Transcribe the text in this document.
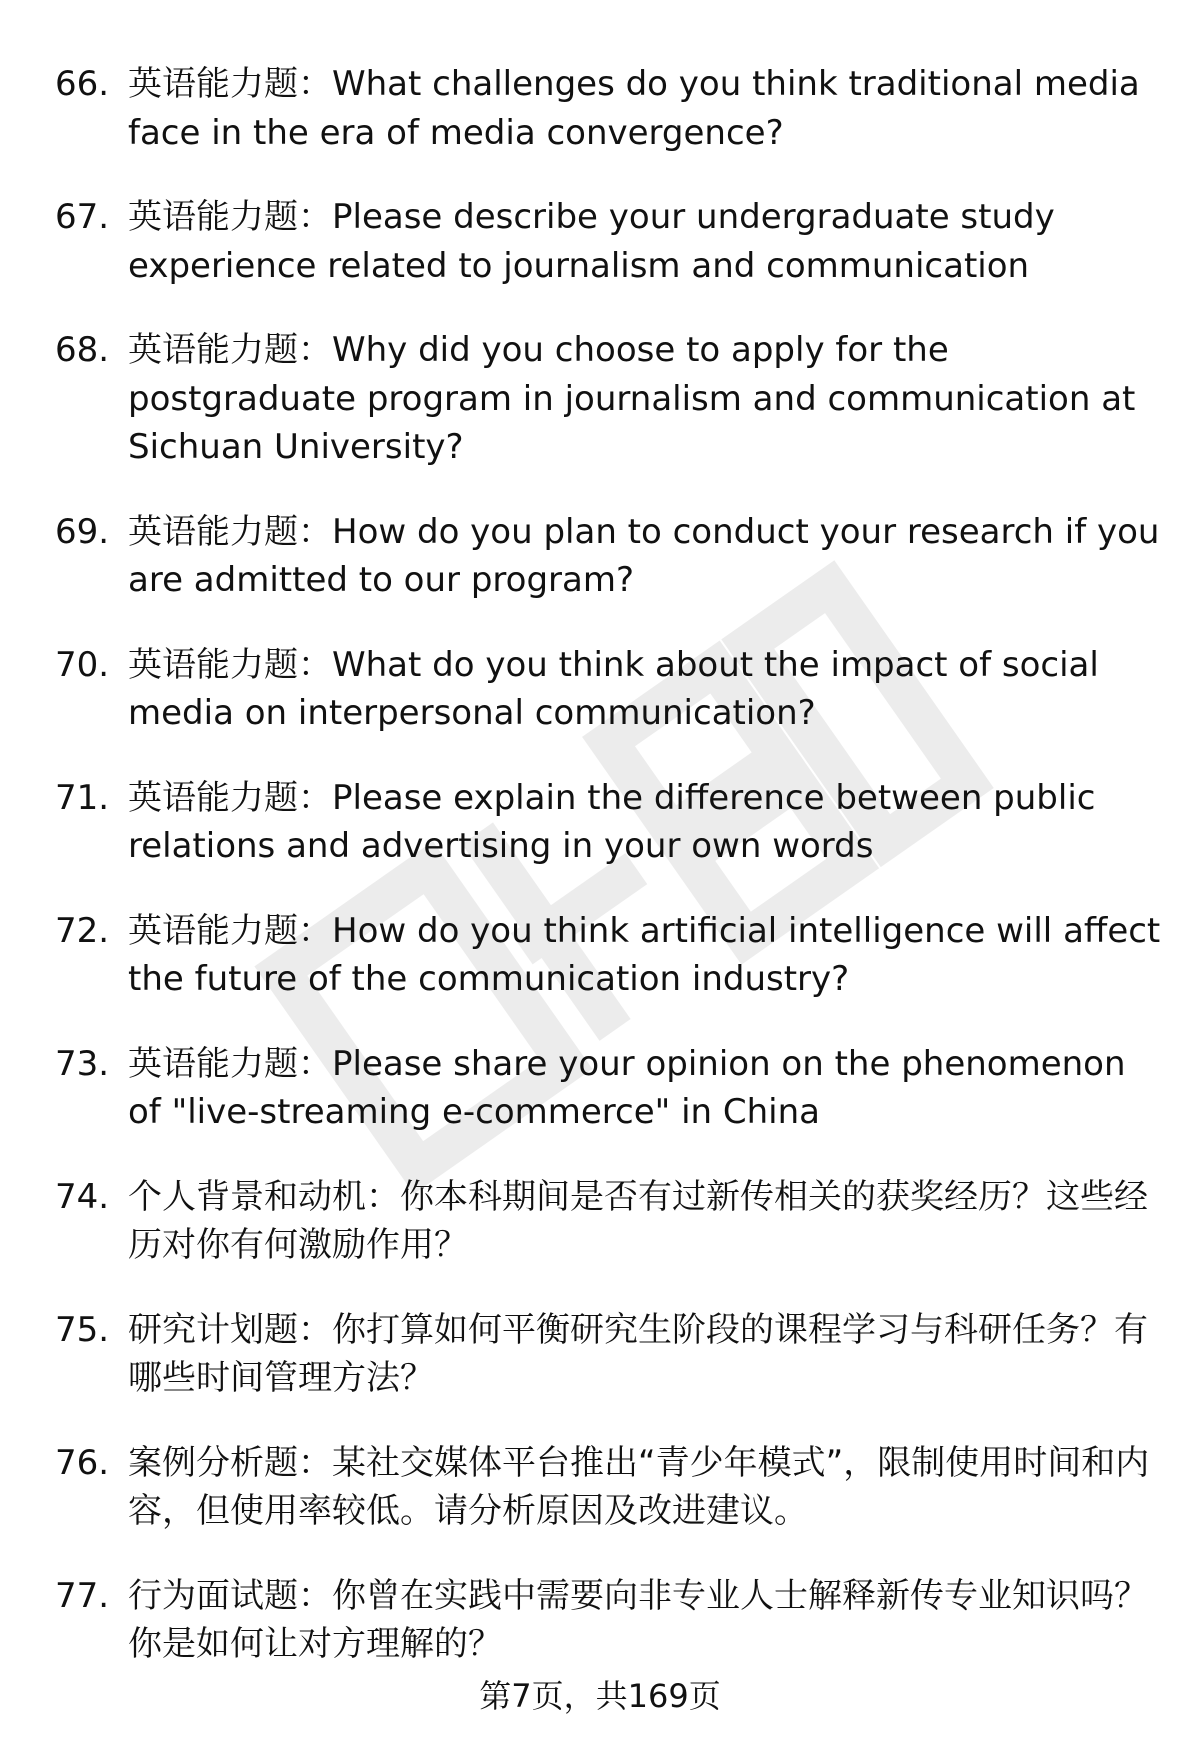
66. 英语能力题：What challenges do you think traditional media face in the era of media convergence?
67. 英语能力题：Please describe your undergraduate study experience related to journalism and communication
68. 英语能力题：Why did you choose to apply for the postgraduate program in journalism and communication at Sichuan University?
69. 英语能力题：How do you plan to conduct your research if you are admitted to our program?
70. 英语能力题：What do you think about the impact of social media on interpersonal communication?
71. 英语能力题：Please explain the difference between public relations and advertising in your own words
72. 英语能力题：How do you think artificial intelligence will affect the future of the communication industry?
73. 英语能力题：Please share your opinion on the phenomenon of "live-streaming e-commerce" in China
74. 个人背景和动机：你本科期间是否有过新传相关的获奖经历？这些经历对你有何激励作用？
75. 研究计划题：你打算如何平衡研究生阶段的课程学习与科研任务？有哪些时间管理方法？
76. 案例分析题：某社交媒体平台推出“青少年模式”，限制使用时间和内容，但使用率较低。请分析原因及改进建议。
77. 行为面试题：你曾在实践中需要向非专业人士解释新传专业知识吗？你是如何让对方理解的？
第7页，共169页
